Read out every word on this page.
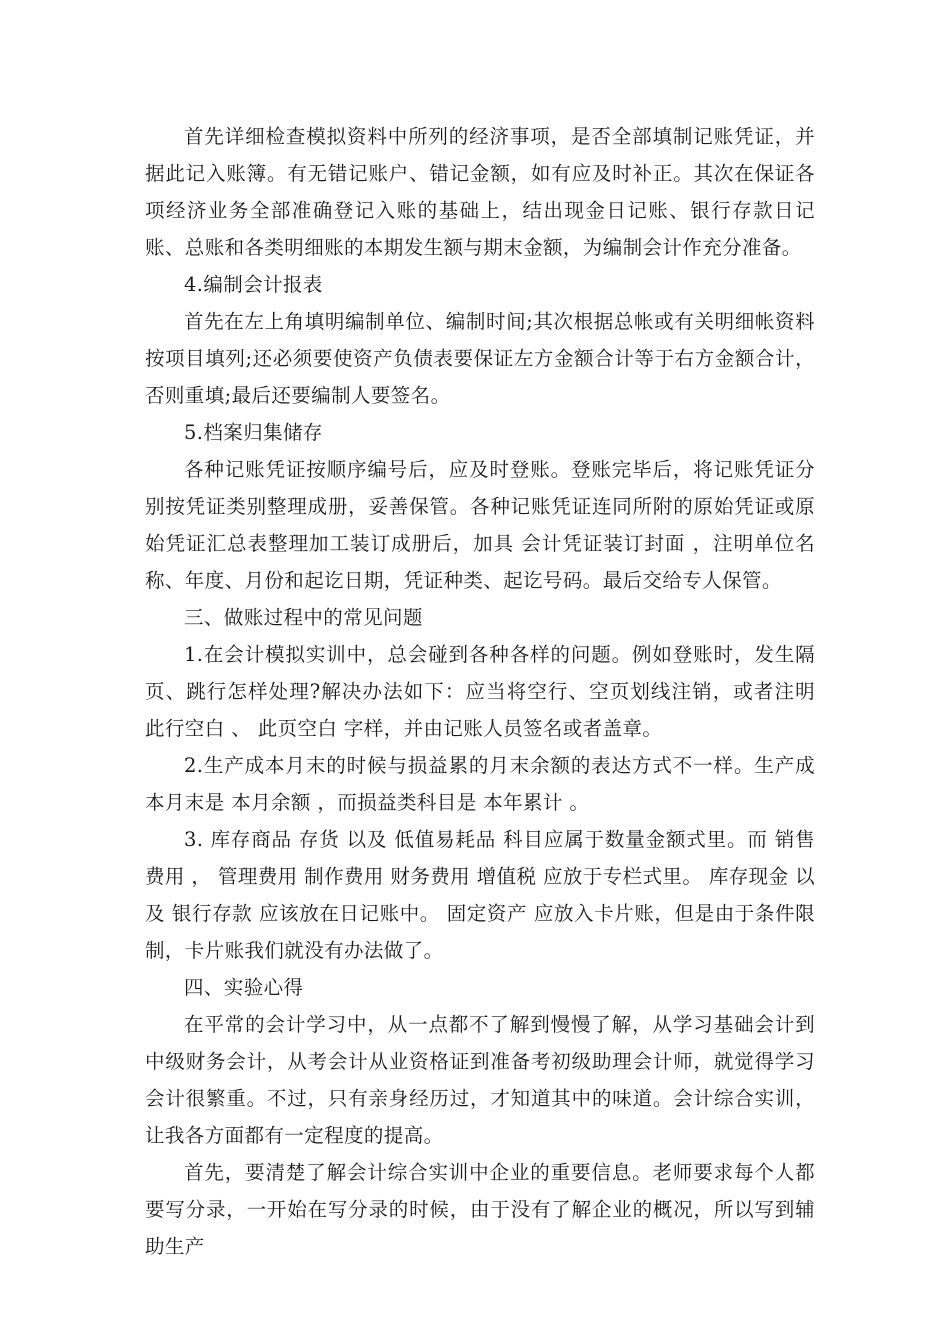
首先详细检查模拟资料中所列的经济事项，是否全部填制记账凭证，并据此记入账簿。有无错记账户、错记金额，如有应及时补正。其次在保证各项经济业务全部准确登记入账的基础上，结出现金日记账、银行存款日记账、总账和各类明细账的本期发生额与期末金额，为编制会计作充分准备。

4.编制会计报表

首先在左上角填明编制单位、编制时间;其次根据总帐或有关明细帐资料按项目填列;还必须要使资产负债表要保证左方金额合计等于右方金额合计，否则重填;最后还要编制人要签名。

5.档案归集储存

各种记账凭证按顺序编号后，应及时登账。登账完毕后，将记账凭证分别按凭证类别整理成册，妥善保管。各种记账凭证连同所附的原始凭证或原始凭证汇总表整理加工装订成册后，加具 会计凭证装订封面 ，注明单位名称、年度、月份和起讫日期，凭证种类、起讫号码。最后交给专人保管。

三、做账过程中的常见问题

1.在会计模拟实训中，总会碰到各种各样的问题。例如登账时，发生隔页、跳行怎样处理?解决办法如下：应当将空行、空页划线注销，或者注明 此行空白 、 此页空白 字样，并由记账人员签名或者盖章。

2.生产成本月末的时候与损益累的月末余额的表达方式不一样。生产成本月末是 本月余额 ，而损益类科目是 本年累计 。

3. 库存商品 存货 以及 低值易耗品 科目应属于数量金额式里。而 销售费用 ， 管理费用 制作费用 财务费用 增值税 应放于专栏式里。 库存现金 以及 银行存款 应该放在日记账中。 固定资产 应放入卡片账，但是由于条件限制，卡片账我们就没有办法做了。

四、实验心得

在平常的会计学习中，从一点都不了解到慢慢了解，从学习基础会计到中级财务会计，从考会计从业资格证到准备考初级助理会计师，就觉得学习会计很繁重。不过，只有亲身经历过，才知道其中的味道。会计综合实训，让我各方面都有一定程度的提高。

首先，要清楚了解会计综合实训中企业的重要信息。老师要求每个人都要写分录，一开始在写分录的时候，由于没有了解企业的概况，所以写到辅助生产
